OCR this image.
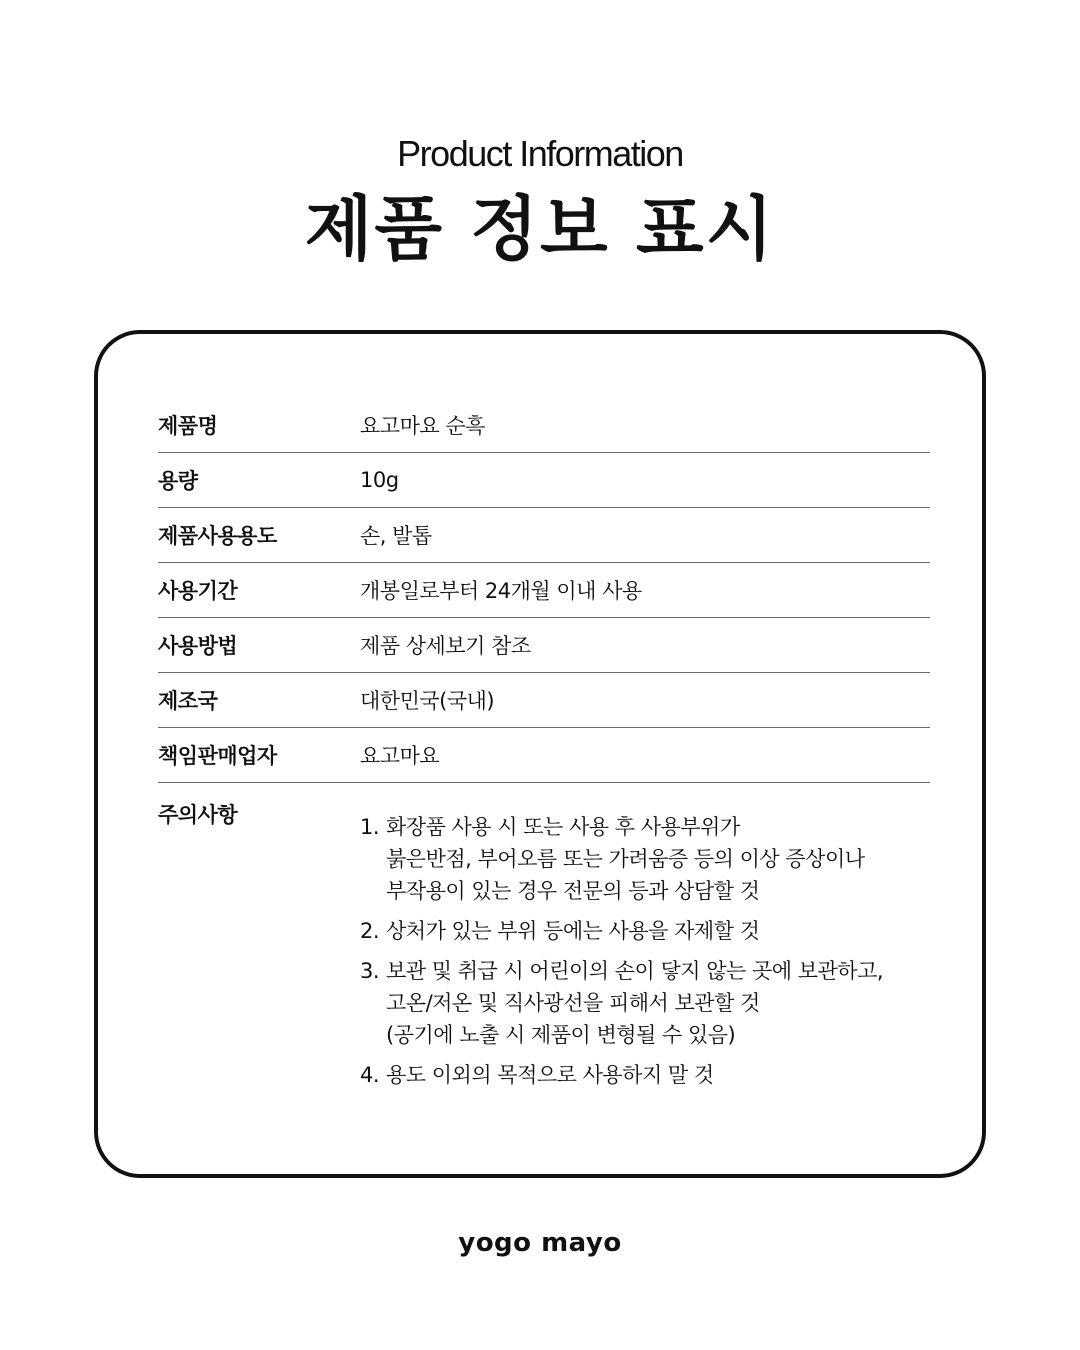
Product Information
제품 정보 표시
제품명	요고마요 순흑
용량	10g
제품사용용도	손, 발톱
사용기간	개봉일로부터 24개월 이내 사용
사용방법	제품 상세보기 참조
제조국	대한민국(국내)
책임판매업자	요고마요
주의사항	1. 화장품 사용 시 또는 사용 후 사용부위가
붉은반점, 부어오름 또는 가려움증 등의 이상 증상이나
부작용이 있는 경우 전문의 등과 상담할 것
2. 상처가 있는 부위 등에는 사용을 자제할 것
3. 보관 및 취급 시 어린이의 손이 닿지 않는 곳에 보관하고,
고온/저온 및 직사광선을 피해서 보관할 것
(공기에 노출 시 제품이 변형될 수 있음)
4. 용도 이외의 목적으로 사용하지 말 것
yogo mayo
